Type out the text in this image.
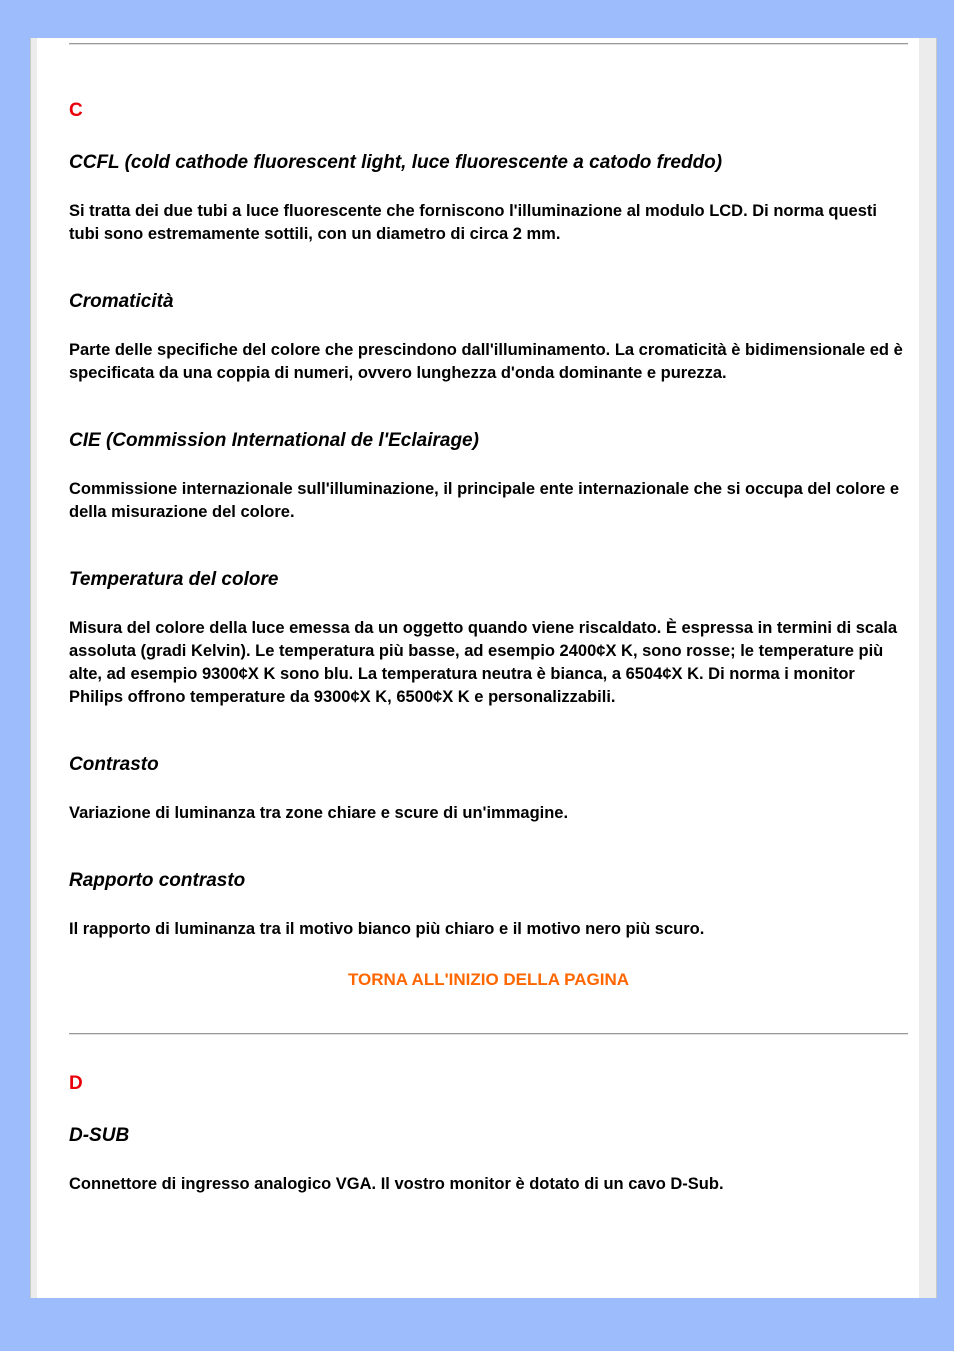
C

CCFL (cold cathode fluorescent light, luce fluorescente a catodo freddo)

Si tratta dei due tubi a luce fluorescente che forniscono l'illuminazione al modulo LCD. Di norma questi tubi sono estremamente sottili, con un diametro di circa 2 mm.

Cromaticità

Parte delle specifiche del colore che prescindono dall'illuminamento. La cromaticità è bidimensionale ed è specificata da una coppia di numeri, ovvero lunghezza d'onda dominante e purezza.

CIE (Commission International de l'Eclairage)

Commissione internazionale sull'illuminazione, il principale ente internazionale che si occupa del colore e della misurazione del colore.

Temperatura del colore

Misura del colore della luce emessa da un oggetto quando viene riscaldato. È espressa in termini di scala assoluta (gradi Kelvin). Le temperatura più basse, ad esempio 2400¢X K, sono rosse; le temperature più alte, ad esempio 9300¢X K sono blu. La temperatura neutra è bianca, a 6504¢X K. Di norma i monitor Philips offrono temperature da 9300¢X K, 6500¢X K e personalizzabili.

Contrasto

Variazione di luminanza tra zone chiare e scure di un'immagine.

Rapporto contrasto

Il rapporto di luminanza tra il motivo bianco più chiaro e il motivo nero più scuro.

TORNA ALL'INIZIO DELLA PAGINA

D

D-SUB

Connettore di ingresso analogico VGA. Il vostro monitor è dotato di un cavo D-Sub.
